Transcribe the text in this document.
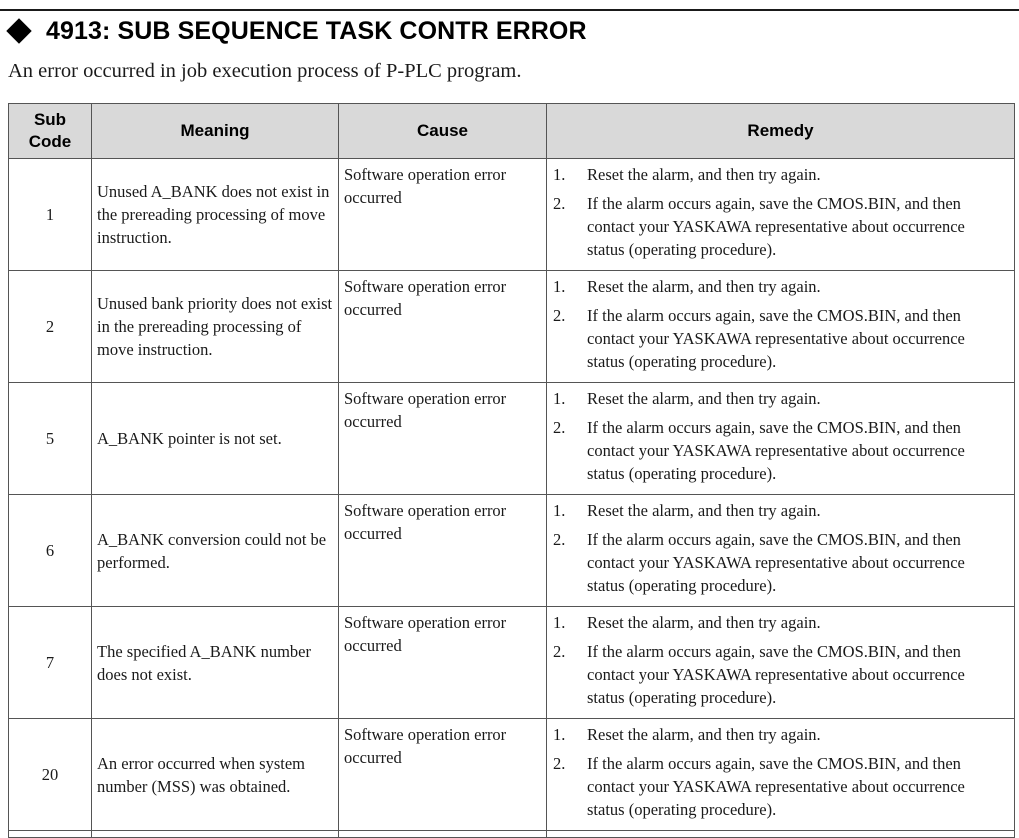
4913: SUB SEQUENCE TASK CONTR ERROR
An error occurred in job execution process of P-PLC program.
Sub
Code	Meaning	Cause	Remedy
1	Unused A_BANK does not exist in the prereading processing of move instruction.	Software operation error occurred	1. Reset the alarm, and then try again.
2. If the alarm occurs again, save the CMOS.BIN, and then contact your YASKAWA representative about occurrence status (operating procedure).

2	Unused bank priority does not exist in the prereading processing of move instruction.	Software operation error occurred	1. Reset the alarm, and then try again.
2. If the alarm occurs again, save the CMOS.BIN, and then contact your YASKAWA representative about occurrence status (operating procedure).

5	A_BANK pointer is not set.	Software operation error occurred	1. Reset the alarm, and then try again.
2. If the alarm occurs again, save the CMOS.BIN, and then contact your YASKAWA representative about occurrence status (operating procedure).

6	A_BANK conversion could not be performed.	Software operation error occurred	1. Reset the alarm, and then try again.
2. If the alarm occurs again, save the CMOS.BIN, and then contact your YASKAWA representative about occurrence status (operating procedure).

7	The specified A_BANK number does not exist.	Software operation error occurred	1. Reset the alarm, and then try again.
2. If the alarm occurs again, save the CMOS.BIN, and then contact your YASKAWA representative about occurrence status (operating procedure).

20	An error occurred when system number (MSS) was obtained.	Software operation error occurred	1. Reset the alarm, and then try again.
2. If the alarm occurs again, save the CMOS.BIN, and then contact your YASKAWA representative about occurrence status (operating procedure).
